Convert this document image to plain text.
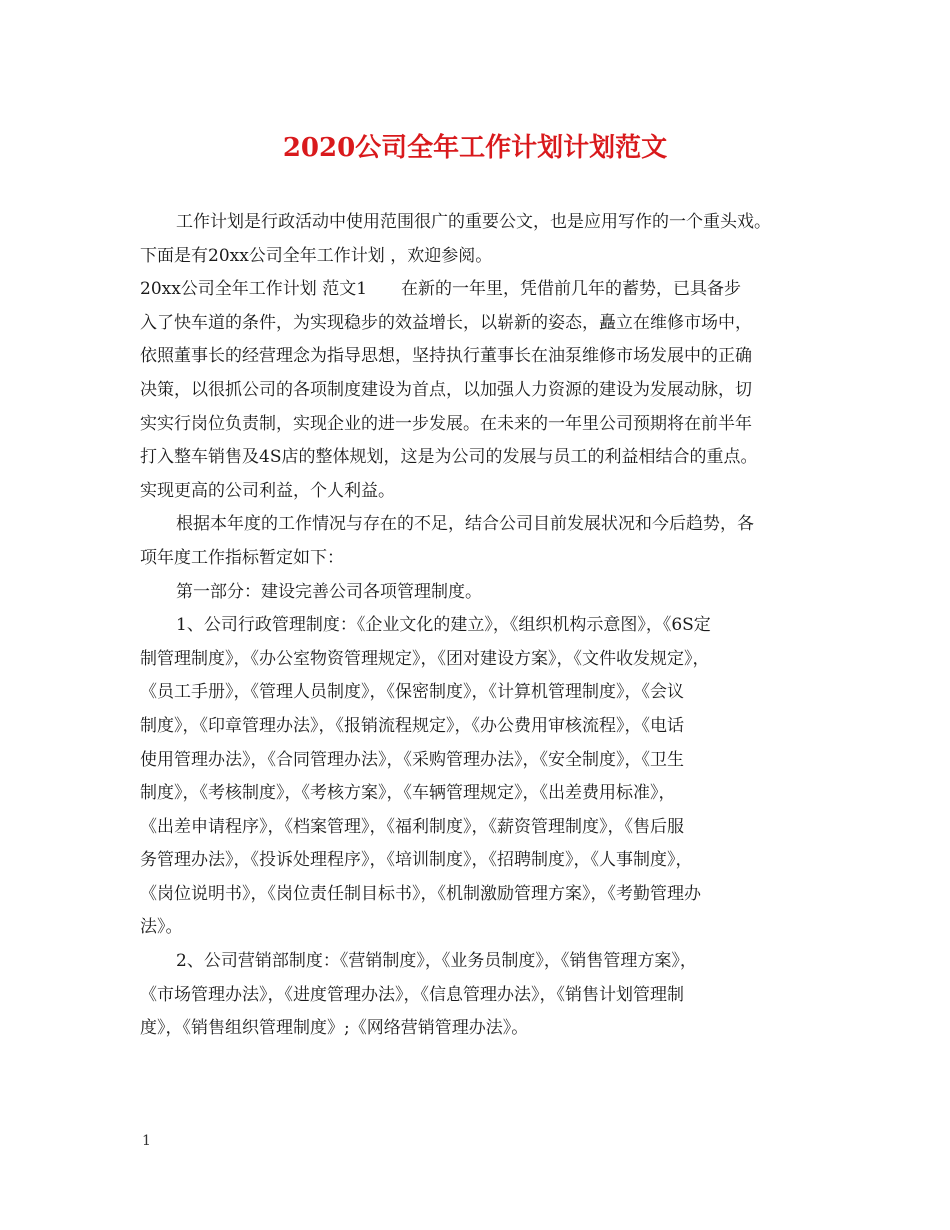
2020公司全年工作计划计划范文
工作计划是行政活动中使用范围很广的重要公文，也是应用写作的一个重头戏。
下面是有20xx公司全年工作计划 ，欢迎参阅。
20xx公司全年工作计划 范文1　　在新的一年里，凭借前几年的蓄势，已具备步
入了快车道的条件，为实现稳步的效益增长，以崭新的姿态，矗立在维修市场中，
依照董事长的经营理念为指导思想，坚持执行董事长在油泵维修市场发展中的正确
决策，以很抓公司的各项制度建设为首点，以加强人力资源的建设为发展动脉，切
实实行岗位负责制，实现企业的进一步发展。在未来的一年里公司预期将在前半年
打入整车销售及4S店的整体规划，这是为公司的发展与员工的利益相结合的重点。
实现更高的公司利益，个人利益。
根据本年度的工作情况与存在的不足，结合公司目前发展状况和今后趋势，各
项年度工作指标暂定如下：
第一部分：建设完善公司各项管理制度。
1、公司行政管理制度：《企业文化的建立》，《组织机构示意图》，《6S定
制管理制度》，《办公室物资管理规定》，《团对建设方案》，《文件收发规定》，
《员工手册》，《管理人员制度》，《保密制度》，《计算机管理制度》，《会议
制度》，《印章管理办法》，《报销流程规定》，《办公费用审核流程》，《电话
使用管理办法》，《合同管理办法》，《采购管理办法》，《安全制度》，《卫生
制度》，《考核制度》，《考核方案》，《车辆管理规定》，《出差费用标准》，
《出差申请程序》，《档案管理》，《福利制度》，《薪资管理制度》，《售后服
务管理办法》，《投诉处理程序》，《培训制度》，《招聘制度》，《人事制度》，
《岗位说明书》，《岗位责任制目标书》，《机制激励管理方案》，《考勤管理办
法》。
2、公司营销部制度：《营销制度》，《业务员制度》，《销售管理方案》，
《市场管理办法》，《进度管理办法》，《信息管理办法》，《销售计划管理制
度》，《销售组织管理制度》;《网络营销管理办法》。
1
